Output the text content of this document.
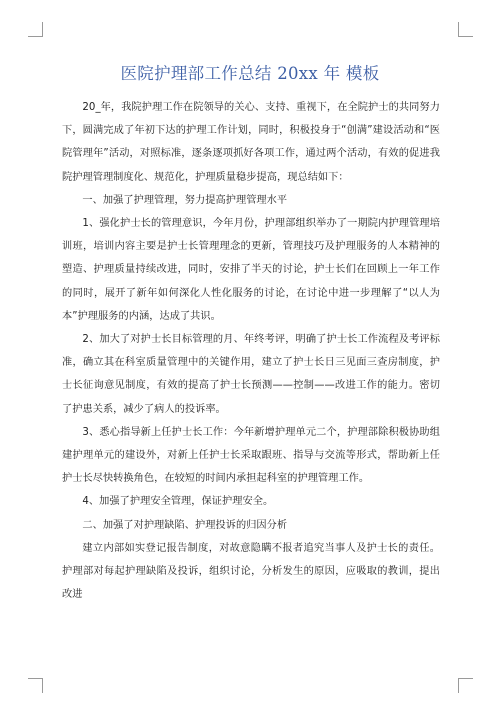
医院护理部工作总结 20xx 年 模板

20_年，我院护理工作在院领导的关心、支持、重视下，在全院护士的共同努力下，圆满完成了年初下达的护理工作计划，同时，积极投身于“创满”建设活动和“医院管理年”活动，对照标准，逐条逐项抓好各项工作，通过两个活动，有效的促进我院护理管理制度化、规范化，护理质量稳步提高，现总结如下：

一、加强了护理管理，努力提高护理管理水平

1、强化护士长的管理意识，今年月份，护理部组织举办了一期院内护理管理培训班，培训内容主要是护士长管理理念的更新，管理技巧及护理服务的人本精神的塑造、护理质量持续改进，同时，安排了半天的讨论，护士长们在回顾上一年工作的同时，展开了新年如何深化人性化服务的讨论，在讨论中进一步理解了“以人为本”护理服务的内涵，达成了共识。

2、加大了对护士长目标管理的月、年终考评，明确了护士长工作流程及考评标准，确立其在科室质量管理中的关键作用，建立了护士长日三见面三查房制度，护士长征询意见制度，有效的提高了护士长预测——控制——改进工作的能力。密切了护患关系，减少了病人的投诉率。

3、悉心指导新上任护士长工作：今年新增护理单元二个，护理部除积极协助组建护理单元的建设外，对新上任护士长采取跟班、指导与交流等形式，帮助新上任护士长尽快转换角色，在较短的时间内承担起科室的护理管理工作。

4、加强了护理安全管理，保证护理安全。

二、加强了对护理缺陷、护理投诉的归因分析

建立内部如实登记报告制度，对故意隐瞒不报者追究当事人及护士长的责任。护理部对每起护理缺陷及投诉，组织讨论，分析发生的原因，应吸取的教训，提出改进
